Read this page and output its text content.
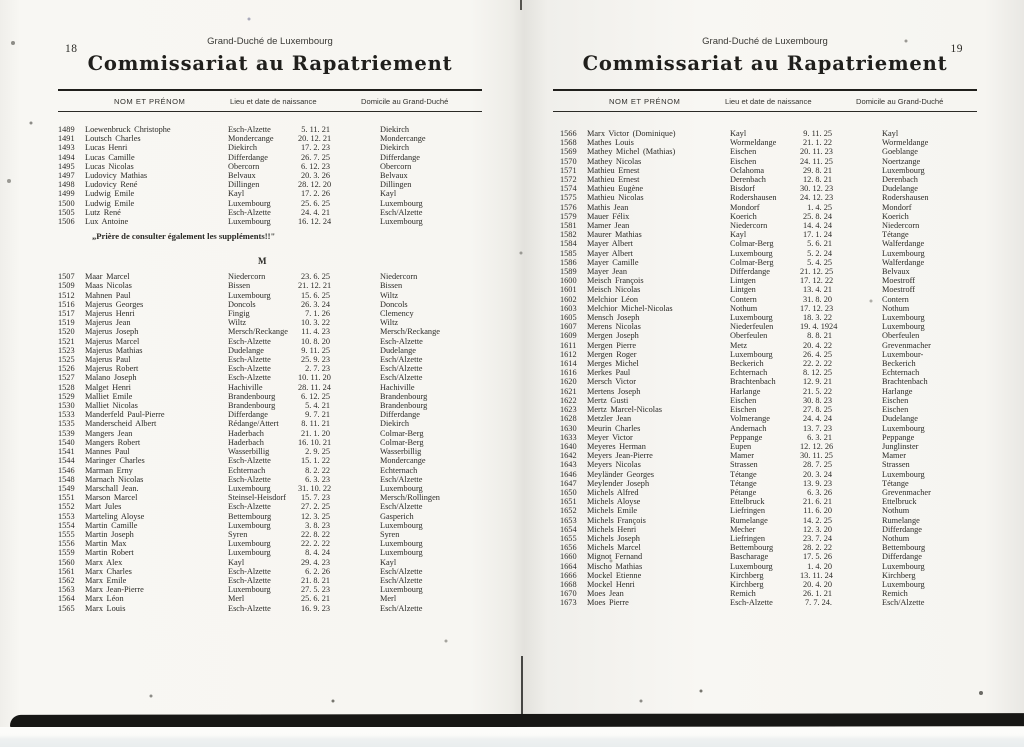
18
Grand-Duché de Luxembourg
Commissariat au Rapatriement
NOM ET PRÉNOM	Lieu et date de naissance	Domicile au Grand-Duché
1489	Loewenbruck Christophe	Esch-Alzette	5. 11. 21	Diekirch
1491	Loutsch Charles	Mondercange	20. 12. 21	Mondercange
1493	Lucas Henri	Diekirch	17. 2. 23	Diekirch
1494	Lucas Camille	Differdange	26. 7. 25	Differdange
1495	Lucas Nicolas	Obercorn	6. 12. 23	Obercorn
1497	Ludovicy Mathias	Belvaux	20. 3. 26	Belvaux
1498	Ludovicy René	Dillingen	28. 12. 20	Dillingen
1499	Ludwig Emile	Kayl	17. 2. 26	Kayl
1500	Ludwig Emile	Luxembourg	25. 6. 25	Luxembourg
1505	Lutz René	Esch-Alzette	24. 4. 21	Esch/Alzette
1506	Lux Antoine	Luxembourg	16. 12. 24	Luxembourg
„Prière de consulter également les suppléments!!"
M
1507	Maar Marcel	Niedercorn	23. 6. 25	Niedercorn
1509	Maas Nicolas	Bissen	21. 12. 21	Bissen
1512	Mahnen Paul	Luxembourg	15. 6. 25	Wiltz
1516	Majerus Georges	Doncols	26. 3. 24	Doncols
1517	Majerus Henri	Fingig	7. 1. 26	Clemency
1519	Majerus Jean	Wiltz	10. 3. 22	Wiltz
1520	Majerus Joseph	Mersch/Reckange	11. 4. 23	Mersch/Reckange
1521	Majerus Marcel	Esch-Alzette	10. 8. 20	Esch-Alzette
1523	Majerus Mathias	Dudelange	9. 11. 25	Dudelange
1525	Majerus Paul	Esch-Alzette	25. 9. 23	Esch/Alzette
1526	Majerus Robert	Esch-Alzette	2. 7. 23	Esch/Alzette
1527	Malano Joseph	Esch-Alzette	10. 11. 20	Esch/Alzette
1528	Malget Henri	Hachiville	28. 11. 24	Hachiville
1529	Malliet Emile	Brandenbourg	6. 12. 25	Brandenbourg
1530	Malliet Nicolas	Brandenbourg	5. 4. 21	Brandenbourg
1533	Manderfeld Paul-Pierre	Differdange	9. 7. 21	Differdange
1535	Manderscheid Albert	Rédange/Attert	8. 11. 21	Diekirch
1539	Mangers Jean	Haderbach	21. 1. 20	Colmar-Berg
1540	Mangers Robert	Haderbach	16. 10. 21	Colmar-Berg
1541	Mannes Paul	Wasserbillig	2. 9. 25	Wasserbillig
1544	Maringer Charles	Esch-Alzette	15. 1. 22	Mondercange
1546	Marman Erny	Echternach	8. 2. 22	Echternach
1548	Marnach Nicolas	Esch-Alzette	6. 3. 23	Esch/Alzette
1549	Marschall Jean.	Luxembourg	31. 10. 22	Luxembourg
1551	Marson Marcel	Steinsel-Heisdorf	15. 7. 23	Mersch/Rollingen
1552	Mart Jules	Esch-Alzette	27. 2. 25	Esch/Alzette
1553	Marteling Aloyse	Bettembourg	12. 3. 25	Gasperich
1554	Martin Camille	Luxembourg	3. 8. 23	Luxembourg
1555	Martin Joseph	Syren	22. 8. 22	Syren
1556	Martin Max	Luxembourg	22. 2. 22	Luxembourg
1559	Martin Robert	Luxembourg	8. 4. 24	Luxembourg
1560	Marx Alex	Kayl	29. 4. 23	Kayl
1561	Marx Charles	Esch-Alzette	6. 2. 26	Esch/Alzette
1562	Marx Emile	Esch-Alzette	21. 8. 21	Esch/Alzette
1563	Marx Jean-Pierre	Luxembourg	27. 5. 23	Luxembourg
1564	Marx Léon	Merl	25. 6. 21	Merl
1565	Marx Louis	Esch-Alzette	16. 9. 23	Esch/Alzette
19
Grand-Duché de Luxembourg
Commissariat au Rapatriement
NOM ET PRÉNOM	Lieu et date de naissance	Domicile au Grand-Duché
1566	Marx Victor (Dominique)	Kayl	9. 11. 25	Kayl
1568	Mathes Louis	Wormeldange	21. 1. 22	Wormeldange
1569	Mathey Michel (Mathias)	Eischen	20. 11. 23	Goeblange
1570	Mathey Nicolas	Eischen	24. 11. 25	Noertzange
1571	Mathieu Ernest	Oclahoma	29. 8. 21	Luxembourg
1572	Mathieu Ernest	Derenbach	12. 8. 21	Derenbach
1574	Mathieu Eugène	Bisdorf	30. 12. 23	Dudelange
1575	Mathieu Nicolas	Rodershausen	24. 12. 23	Rodershausen
1576	Mathis Jean	Mondorf	1. 4. 25	Mondorf
1579	Mauer Félix	Koerich	25. 8. 24	Koerich
1581	Mamer Jean	Niedercorn	14. 4. 24	Niedercorn
1582	Maurer Mathias	Kayl	17. 1. 24	Tétange
1584	Mayer Albert	Colmar-Berg	5. 6. 21	Walferdange
1585	Mayer Albert	Luxembourg	5. 2. 24	Luxembourg
1586	Mayer Camille	Colmar-Berg	5. 4. 25	Walferdange
1589	Mayer Jean	Differdange	21. 12. 25	Belvaux
1600	Meisch François	Lintgen	17. 12. 22	Moestroff
1601	Meisch Nicolas	Lintgen	13. 4. 21	Moestroff
1602	Melchior Léon	Contern	31. 8. 20	Contern
1603	Melchior Michel-Nicolas	Nothum	17. 12. 23	Nothum
1605	Mensch Joseph	Luxembourg	18. 3. 22	Luxembourg
1607	Merens Nicolas	Niederfeulen	19. 4. 1924	Luxembourg
1609	Mergen Joseph	Oberfeulen	8. 8. 21	Oberfeulen
1611	Mergen Pierre	Metz	20. 4. 22	Grevenmacher
1612	Mergen Roger	Luxembourg	26. 4. 25	Luxembour-
1614	Merges Michel	Beckerich	22. 2. 22	Beckerich
1616	Merkes Paul	Echternach	8. 12. 25	Echternach
1620	Mersch Victor	Brachtenbach	12. 9. 21	Brachtenbach
1621	Mertens Joseph	Harlange	21. 5. 22	Harlange
1622	Mertz Gusti	Eischen	30. 8. 23	Eischen
1623	Mertz Marcel-Nicolas	Eischen	27. 8. 25	Eischen
1628	Metzler Jean	Volmerange	24. 4. 24	Dudelange
1630	Meurin Charles	Andernach	13. 7. 23	Luxembourg
1633	Meyer Victor	Peppange	6. 3. 21	Peppange
1640	Meyeres Herman	Eupen	12. 12. 26	Junglinster
1642	Meyers Jean-Pierre	Mamer	30. 11. 25	Mamer
1643	Meyers Nicolas	Strassen	28. 7. 25	Strassen
1646	Meyländer Georges	Tétange	20. 3. 24	Luxembourg
1647	Meylender Joseph	Tétange	13. 9. 23	Tétange
1650	Michels Alfred	Pétange	6. 3. 26	Grevenmacher
1651	Michels Aloyse	Ettelbruck	21. 6. 21	Ettelbruck
1652	Michels Emile	Liefringen	11. 6. 20	Nothum
1653	Michels François	Rumelange	14. 2. 25	Rumelange
1654	Michels Henri	Mecher	12. 3. 20	Differdange
1655	Michels Joseph	Liefringen	23. 7. 24	Nothum
1656	Michels Marcel	Bettembourg	28. 2. 22	Bettembourg
1660	Mignot Fernand	Bascharage	17. 5. 26	Differdange
1664	Mischo Mathias	Luxembourg	1. 4. 20	Luxembourg
1666	Mockel Etienne	Kirchberg	13. 11. 24	Kirchberg
1668	Mockel Henri	Kirchberg	20. 4. 20	Luxembourg
1670	Moes Jean	Remich	26. 1. 21	Remich
1673	Moes Pierre	Esch-Alzette	7. 7. 24.	Esch/Alzette
